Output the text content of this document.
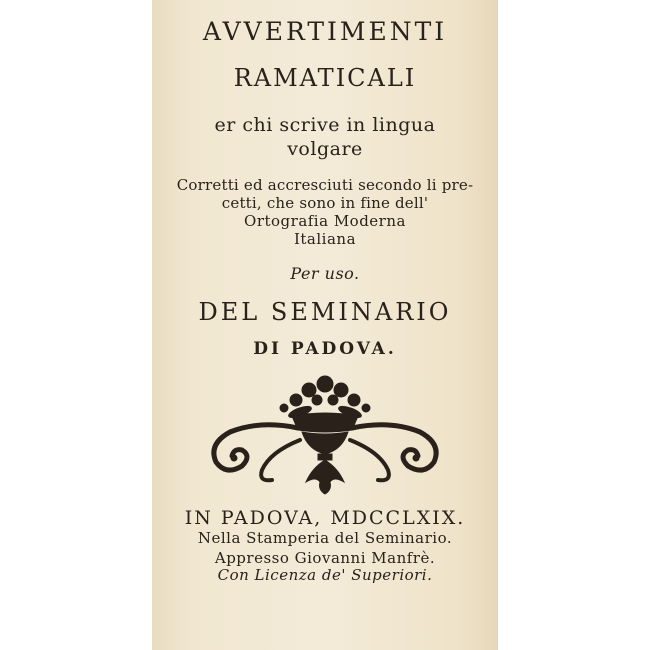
AVVERTIMENTI
RAMATICALI
er chi scrive in lingua
volgare
Corretti ed accresciuti secondo li pre-
cetti, che sono in fine dell'
Ortografia Moderna
Italiana
Per uso.
DEL SEMINARIO
DI PADOVA.
IN PADOVA, MDCCLXIX.
Nella Stamperia del Seminario.
Appresso Giovanni Manfrè.
Con Licenza de' Superiori.
